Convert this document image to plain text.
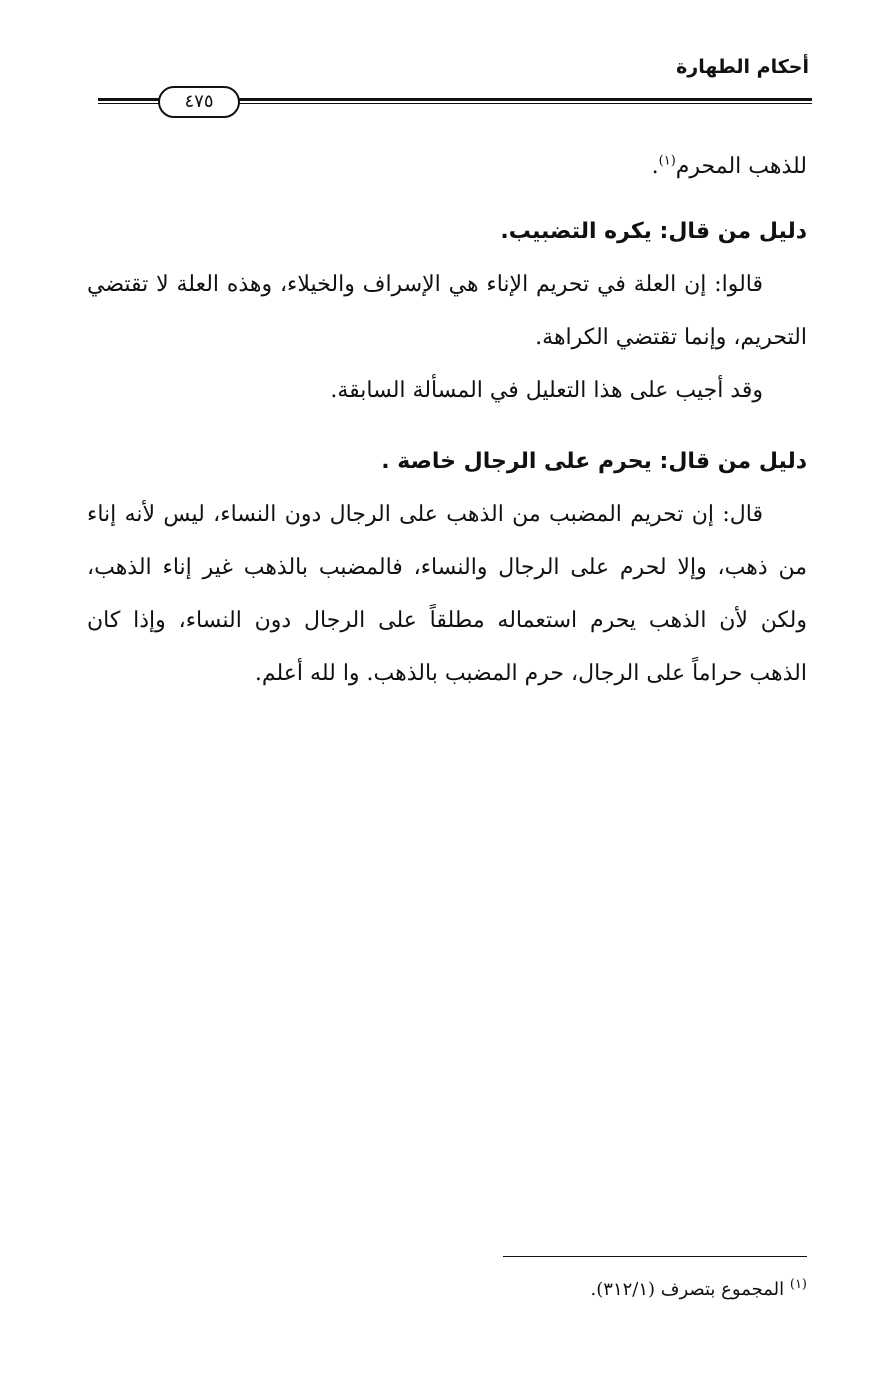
أحكام الطهارة
٤٧٥

للذهب المحرم$^{(١)}$.

دليل من قال: يكره التضبيب.

قالوا: إن العلة في تحريم الإناء هي الإسراف والخيلاء، وهذه العلة لا تقتضي التحريم، وإنما تقتضي الكراهة.

وقد أجيب على هذا التعليل في المسألة السابقة.

دليل من قال: يحرم على الرجال خاصة .

قال: إن تحريم المضبب من الذهب على الرجال دون النساء، ليس لأنه إناء من ذهب، وإلا لحرم على الرجال والنساء، فالمضبب بالذهب غير إناء الذهب، ولكن لأن الذهب يحرم استعماله مطلقاً على الرجال دون النساء، وإذا كان الذهب حراماً على الرجال، حرم المضبب بالذهب. وا لله أعلم.

$^{(١)}$ المجموع بتصرف (٣١٢/١).
